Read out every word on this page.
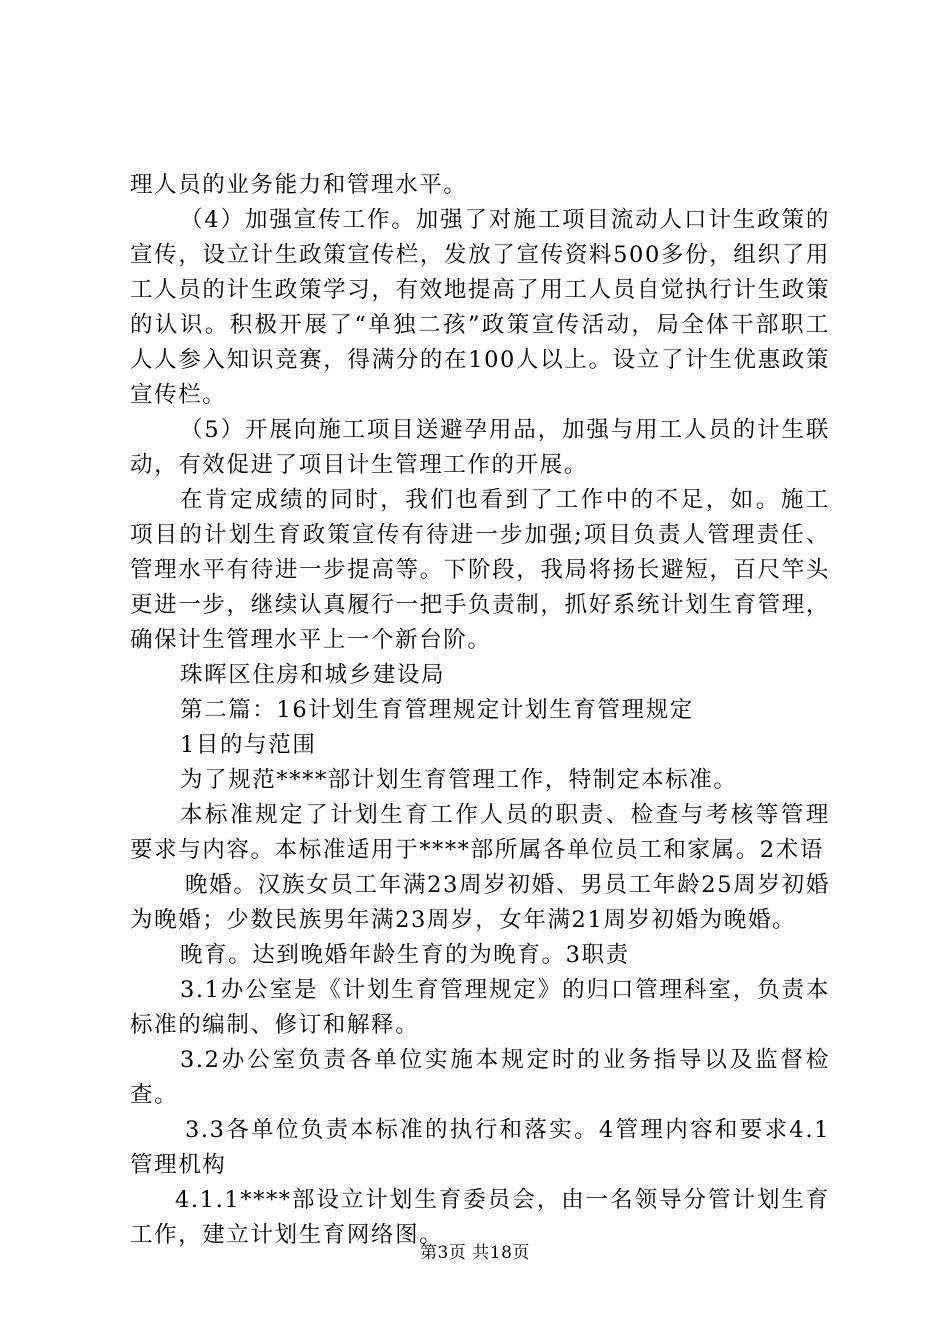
理人员的业务能力和管理水平。

（4）加强宣传工作。加强了对施工项目流动人口计生政策的宣传，设立计生政策宣传栏，发放了宣传资料500多份，组织了用工人员的计生政策学习，有效地提高了用工人员自觉执行计生政策的认识。积极开展了“单独二孩”政策宣传活动，局全体干部职工人人参入知识竞赛，得满分的在100人以上。设立了计生优惠政策宣传栏。

（5）开展向施工项目送避孕用品，加强与用工人员的计生联动，有效促进了项目计生管理工作的开展。

在肯定成绩的同时，我们也看到了工作中的不足，如。施工项目的计划生育政策宣传有待进一步加强;项目负责人管理责任、管理水平有待进一步提高等。下阶段，我局将扬长避短，百尺竿头更进一步，继续认真履行一把手负责制，抓好系统计划生育管理，确保计生管理水平上一个新台阶。

珠晖区住房和城乡建设局

第二篇：16计划生育管理规定计划生育管理规定

1目的与范围

为了规范****部计划生育管理工作，特制定本标准。

本标准规定了计划生育工作人员的职责、检查与考核等管理要求与内容。本标准适用于****部所属各单位员工和家属。2术语

晚婚。汉族女员工年满23周岁初婚、男员工年龄25周岁初婚为晚婚；少数民族男年满23周岁，女年满21周岁初婚为晚婚。

晚育。达到晚婚年龄生育的为晚育。3职责

3.1办公室是《计划生育管理规定》的归口管理科室，负责本标准的编制、修订和解释。

3.2办公室负责各单位实施本规定时的业务指导以及监督检查。

3.3各单位负责本标准的执行和落实。4管理内容和要求4.1管理机构

4.1.1****部设立计划生育委员会，由一名领导分管计划生育工作，建立计划生育网络图。

第3页 共18页
